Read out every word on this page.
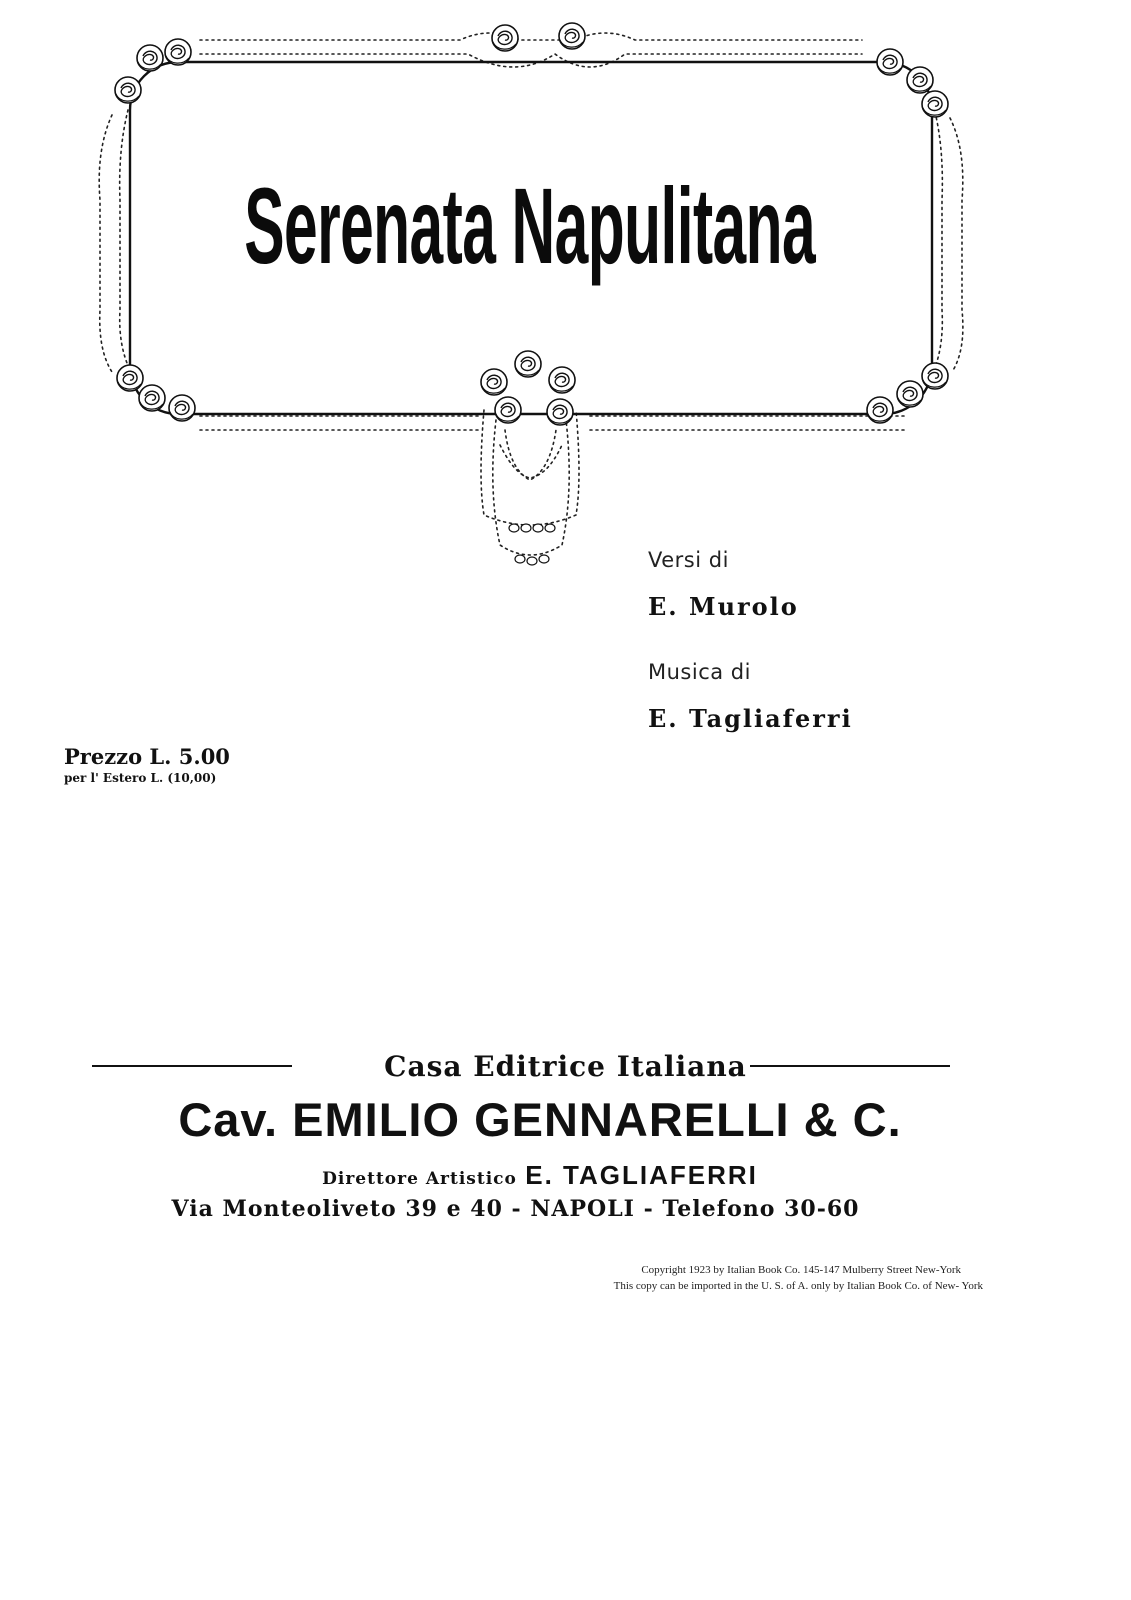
Serenata Napulitana
Versi di
E. Murolo
Musica di
E. Tagliaferri
Prezzo L. 5.00
per l' Estero L. (10,00)
Casa Editrice Italiana
Cav. EMILIO GENNARELLI & C.
Direttore Artistico E. TAGLIAFERRI
Via Monteoliveto 39 e 40 - NAPOLI - Telefono 30-60
Copyright 1923 by Italian Book Co. 145-147 Mulberry Street New-York
This copy can be imported in the U. S. of A. only by Italian Book Co. of New- York
